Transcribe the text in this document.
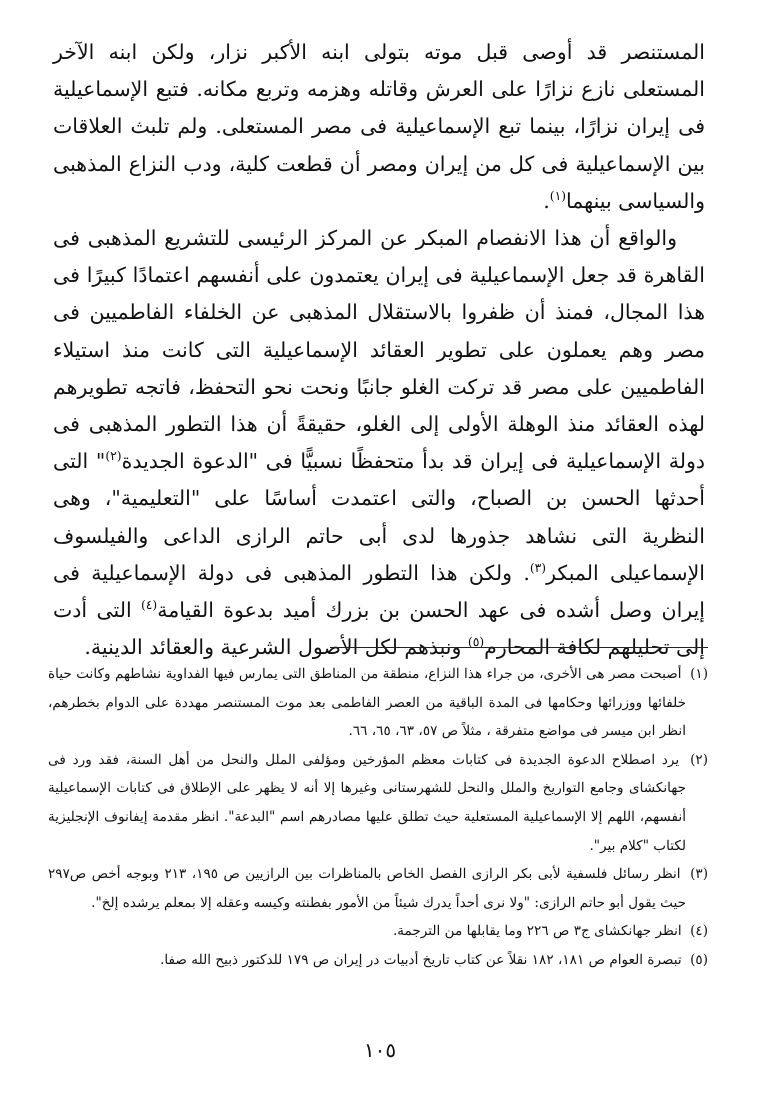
المستنصر قد أوصى قبل موته بتولى ابنه الأكبر نزار، ولكن ابنه الآخر المستعلى نازع نزارًا على العرش وقاتله وهزمه وتربع مكانه. فتبع الإسماعيلية فى إيران نزارًا، بينما تبع الإسماعيلية فى مصر المستعلى. ولم تلبث العلاقات بين الإسماعيلية فى كل من إيران ومصر أن قطعت كلية، ودب النزاع المذهبى والسياسى بينهما$^{(١)}$.

والواقع أن هذا الانفصام المبكر عن المركز الرئيسى للتشريع المذهبى فى القاهرة قد جعل الإسماعيلية فى إيران يعتمدون على أنفسهم اعتمادًا كبيرًا فى هذا المجال، فمنذ أن ظفروا بالاستقلال المذهبى عن الخلفاء الفاطميين فى مصر وهم يعملون على تطوير العقائد الإسماعيلية التى كانت منذ استيلاء الفاطميين على مصر قد تركت الغلو جانبًا ونحت نحو التحفظ، فاتجه تطويرهم لهذه العقائد منذ الوهلة الأولى إلى الغلو، حقيقةً أن هذا التطور المذهبى فى دولة الإسماعيلية فى إيران قد بدأ متحفظًا نسبيًّا فى "الدعوة الجديدة$^{(٢)}$" التى أحدثها الحسن بن الصباح، والتى اعتمدت أساسًا على "التعليمية"، وهى النظرية التى نشاهد جذورها لدى أبى حاتم الرازى الداعى والفيلسوف الإسماعيلى المبكر$^{(٣)}$. ولكن هذا التطور المذهبى فى دولة الإسماعيلية فى إيران وصل أشده فى عهد الحسن بن بزرك أميد بدعوة القيامة$^{(٤)}$ التى أدت إلى تحليلهم لكافة المحارم$^{(٥)}$ ونبذهم لكل الأصول الشرعية والعقائد الدينية.

(١) أصبحت مصر هى الأخرى، من جراء هذا النزاع، منطقة من المناطق التى يمارس فيها الفداوية نشاطهم وكانت حياة خلفائها ووزرائها وحكامها فى المدة الباقية من العصر الفاطمى بعد موت المستنصر مهددة على الدوام بخطرهم، انظر ابن ميسر فى مواضع متفرقة ، مثلاً ص ٥٧، ٦٣، ٦٥، ٦٦.

(٢) يرد اصطلاح الدعوة الجديدة فى كتابات معظم المؤرخين ومؤلفى الملل والنحل من أهل السنة، فقد ورد فى جهانكشاى وجامع التواريخ والملل والنحل للشهرستانى وغيرها إلا أنه لا يظهر على الإطلاق فى كتابات الإسماعيلية أنفسهم، اللهم إلا الإسماعيلية المستعلية حيث تطلق عليها مصادرهم اسم "البدعة". انظر مقدمة إيفانوف الإنجليزية لكتاب "كلام بير".

(٣) انظر رسائل فلسفية لأبى بكر الرازى الفصل الخاص بالمناظرات بين الرازيين ص ١٩٥، ٢١٣ وبوجه أخص ص٢٩٧ حيث يقول أبو حاتم الرازى: "ولا نرى أحداً يدرك شيئاً من الأمور بفطنته وكيسه وعقله إلا بمعلم يرشده إلخ".

(٤) انظر جهانكشاى ج٣ ص ٢٢٦ وما يقابلها من الترجمة.

(٥) تبصرة العوام ص ١٨١، ١٨٢ نقلاً عن كتاب تاريخ أدبيات در إيران ص ١٧٩ للدكتور ذبيح الله صفا.

١٠٥
